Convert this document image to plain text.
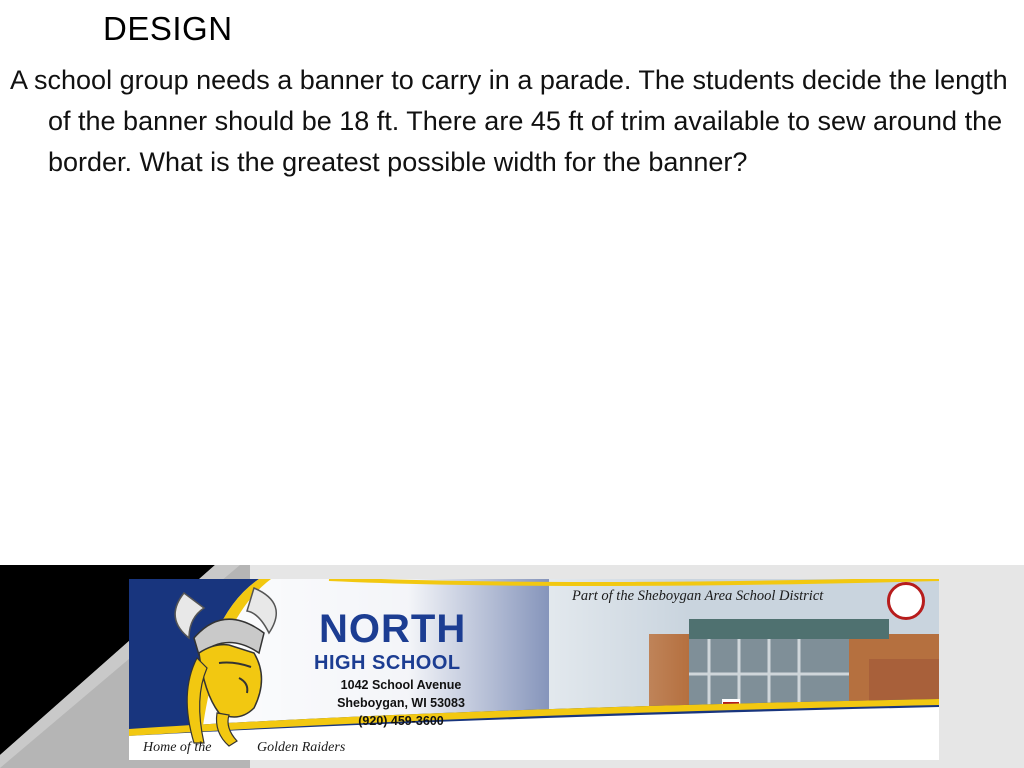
DESIGN

A school group needs a banner to carry in a parade. The students decide the length of the banner should be 18 ft. There are 45 ft of trim available to sew around the border. What is the greatest possible width for the banner?

NORTH
HIGH SCHOOL
1042 School Avenue
Sheboygan, WI 53083
(920) 459-3600
Part of the Sheboygan Area School District
Home of the	Golden Raiders
